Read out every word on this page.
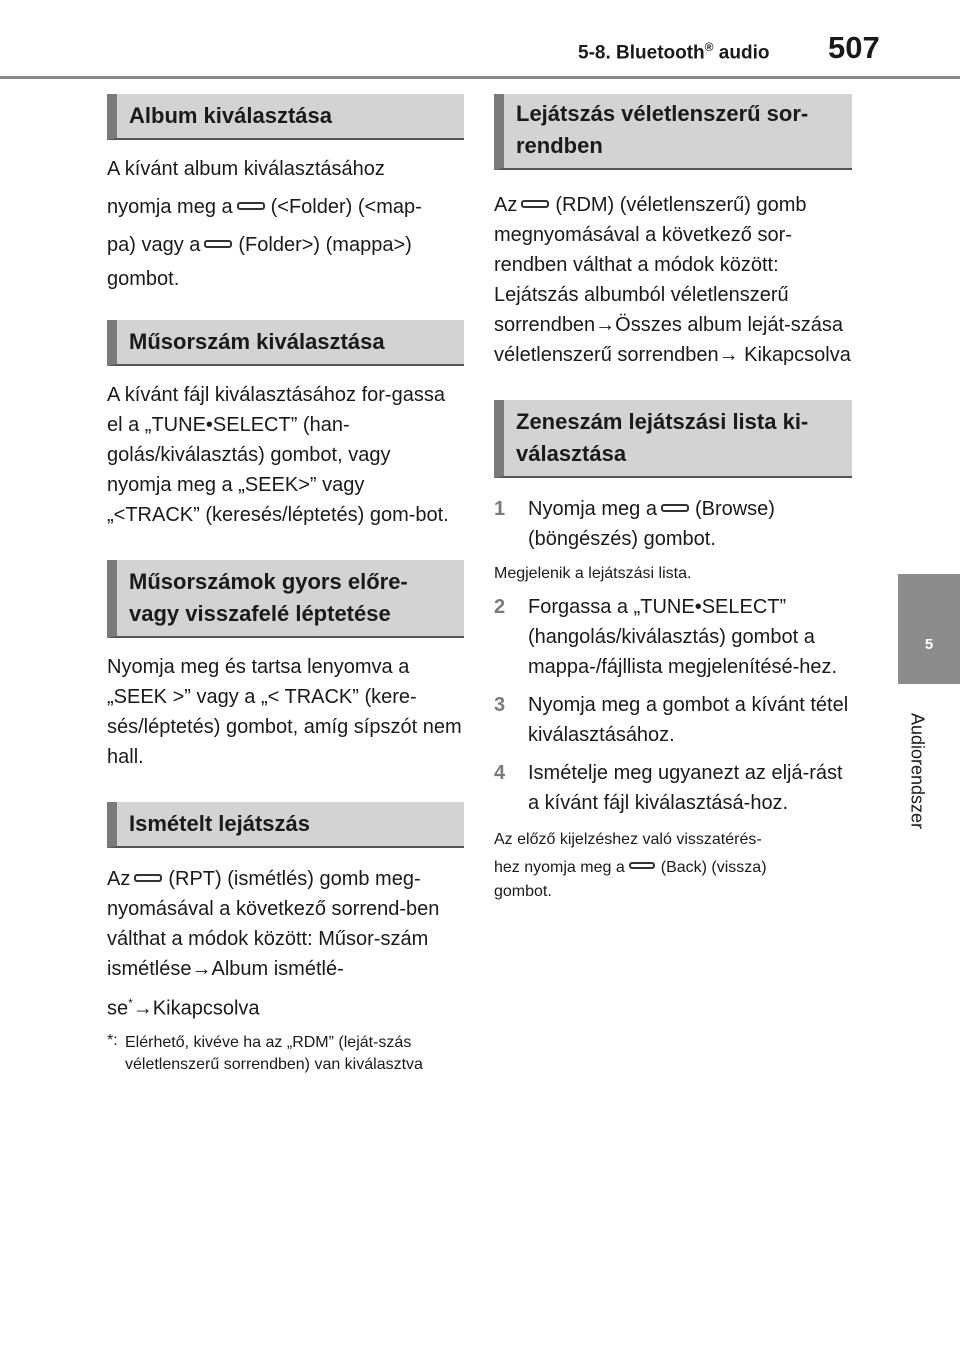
5-8. Bluetooth® audio 507
5
Audiorendszer
Album kiválasztása
A kívánt album kiválasztásához
nyomja meg a (<Folder) (<map-
pa) vagy a (Folder>) (mappa>)
gombot.
Műsorszám kiválasztása
A kívánt fájl kiválasztásához for-gassa el a „TUNE•SELECT” (han-golás/kiválasztás) gombot, vagy nyomja meg a „SEEK>” vagy „<TRACK” (keresés/léptetés) gom-bot.
Műsorszámok gyors előre- vagy visszafelé léptetése
Nyomja meg és tartsa lenyomva a „SEEK >” vagy a „< TRACK” (kere-sés/léptetés) gombot, amíg sípszót nem hall.
Ismételt lejátszás
Az (RPT) (ismétlés) gomb meg-
nyomásával a következő sorrend-ben válthat a módok között: Műsor-szám ismétlése→Album ismétlé-
se*→Kikapcsolva
*: Elérhető, kivéve ha az „RDM” (leját-szás véletlenszerű sorrendben) van kiválasztva
Lejátszás véletlenszerű sor-rendben
Az (RDM) (véletlenszerű) gomb
megnyomásával a következő sor-rendben válthat a módok között: Lejátszás albumból véletlenszerű sorrendben→Összes album leját-szása véletlenszerű sorrendben→ Kikapcsolva
Zeneszám lejátszási lista ki-választása
1 Nyomja meg a (Browse) (böngészés) gombot.
Megjelenik a lejátszási lista.
2 Forgassa a „TUNE•SELECT” (hangolás/kiválasztás) gombot a mappa-/fájllista megjelenítésé-hez.
3 Nyomja meg a gombot a kívánt tétel kiválasztásához.
4 Ismételje meg ugyanezt az eljá-rást a kívánt fájl kiválasztásá-hoz.
Az előző kijelzéshez való visszatérés-
hez nyomja meg a (Back) (vissza)
gombot.
